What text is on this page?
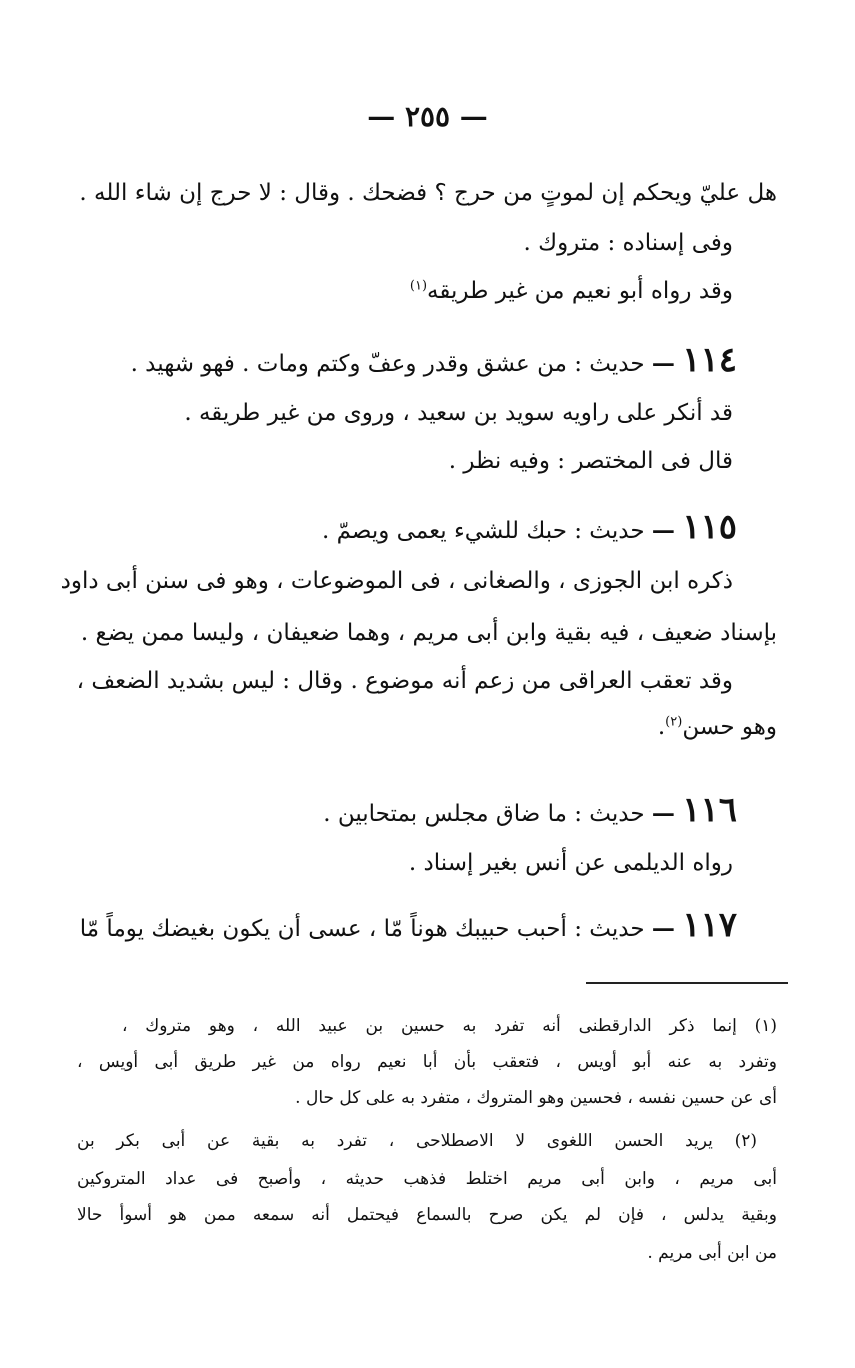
— ٢٥٥ —
هل عليّ ويحكم إن لموتٍ من حرج ؟ فضحك . وقال : لا حرج إن شاء الله .
وفى إسناده : متروك .
وقد رواه أبو نعيم من غير طريقه$^{(١)}$
١١٤ — حديث : من عشق وقدر وعفّ وكتم ومات . فهو شهيد .
قد أنكر على راويه سويد بن سعيد ، وروى من غير طريقه .
قال فى المختصر : وفيه نظر .
١١٥ — حديث : حبك للشيء يعمى ويصمّ .
ذكره ابن الجوزى ، والصغانى ، فى الموضوعات ، وهو فى سنن أبى داود
بإسناد ضعيف ، فيه بقية وابن أبى مريم ، وهما ضعيفان ، وليسا ممن يضع .
وقد تعقب العراقى من زعم أنه موضوع . وقال : ليس بشديد الضعف ،
وهو حسن$^{(٢)}$.
١١٦ — حديث : ما ضاق مجلس بمتحابين .
رواه الديلمى عن أنس بغير إسناد .
١١٧ — حديث : أحبب حبيبك هوناً مّا ، عسى أن يكون بغيضك يوماً مّا
(١) إنما ذكر الدارقطنى أنه تفرد به حسين بن عبيد الله ، وهو متروك ،
وتفرد به عنه أبو أويس ، فتعقب بأن أبا نعيم رواه من غير طريق أبى أويس ،
أى عن حسين نفسه ، فحسين وهو المتروك ، متفرد به على كل حال .
(٢) يريد الحسن اللغوى لا الاصطلاحى ، تفرد به بقية عن أبى بكر بن
أبى مريم ، وابن أبى مريم اختلط فذهب حديثه ، وأصبح فى عداد المتروكين
وبقية يدلس ، فإن لم يكن صرح بالسماع فيحتمل أنه سمعه ممن هو أسوأ حالا
من ابن أبى مريم .
